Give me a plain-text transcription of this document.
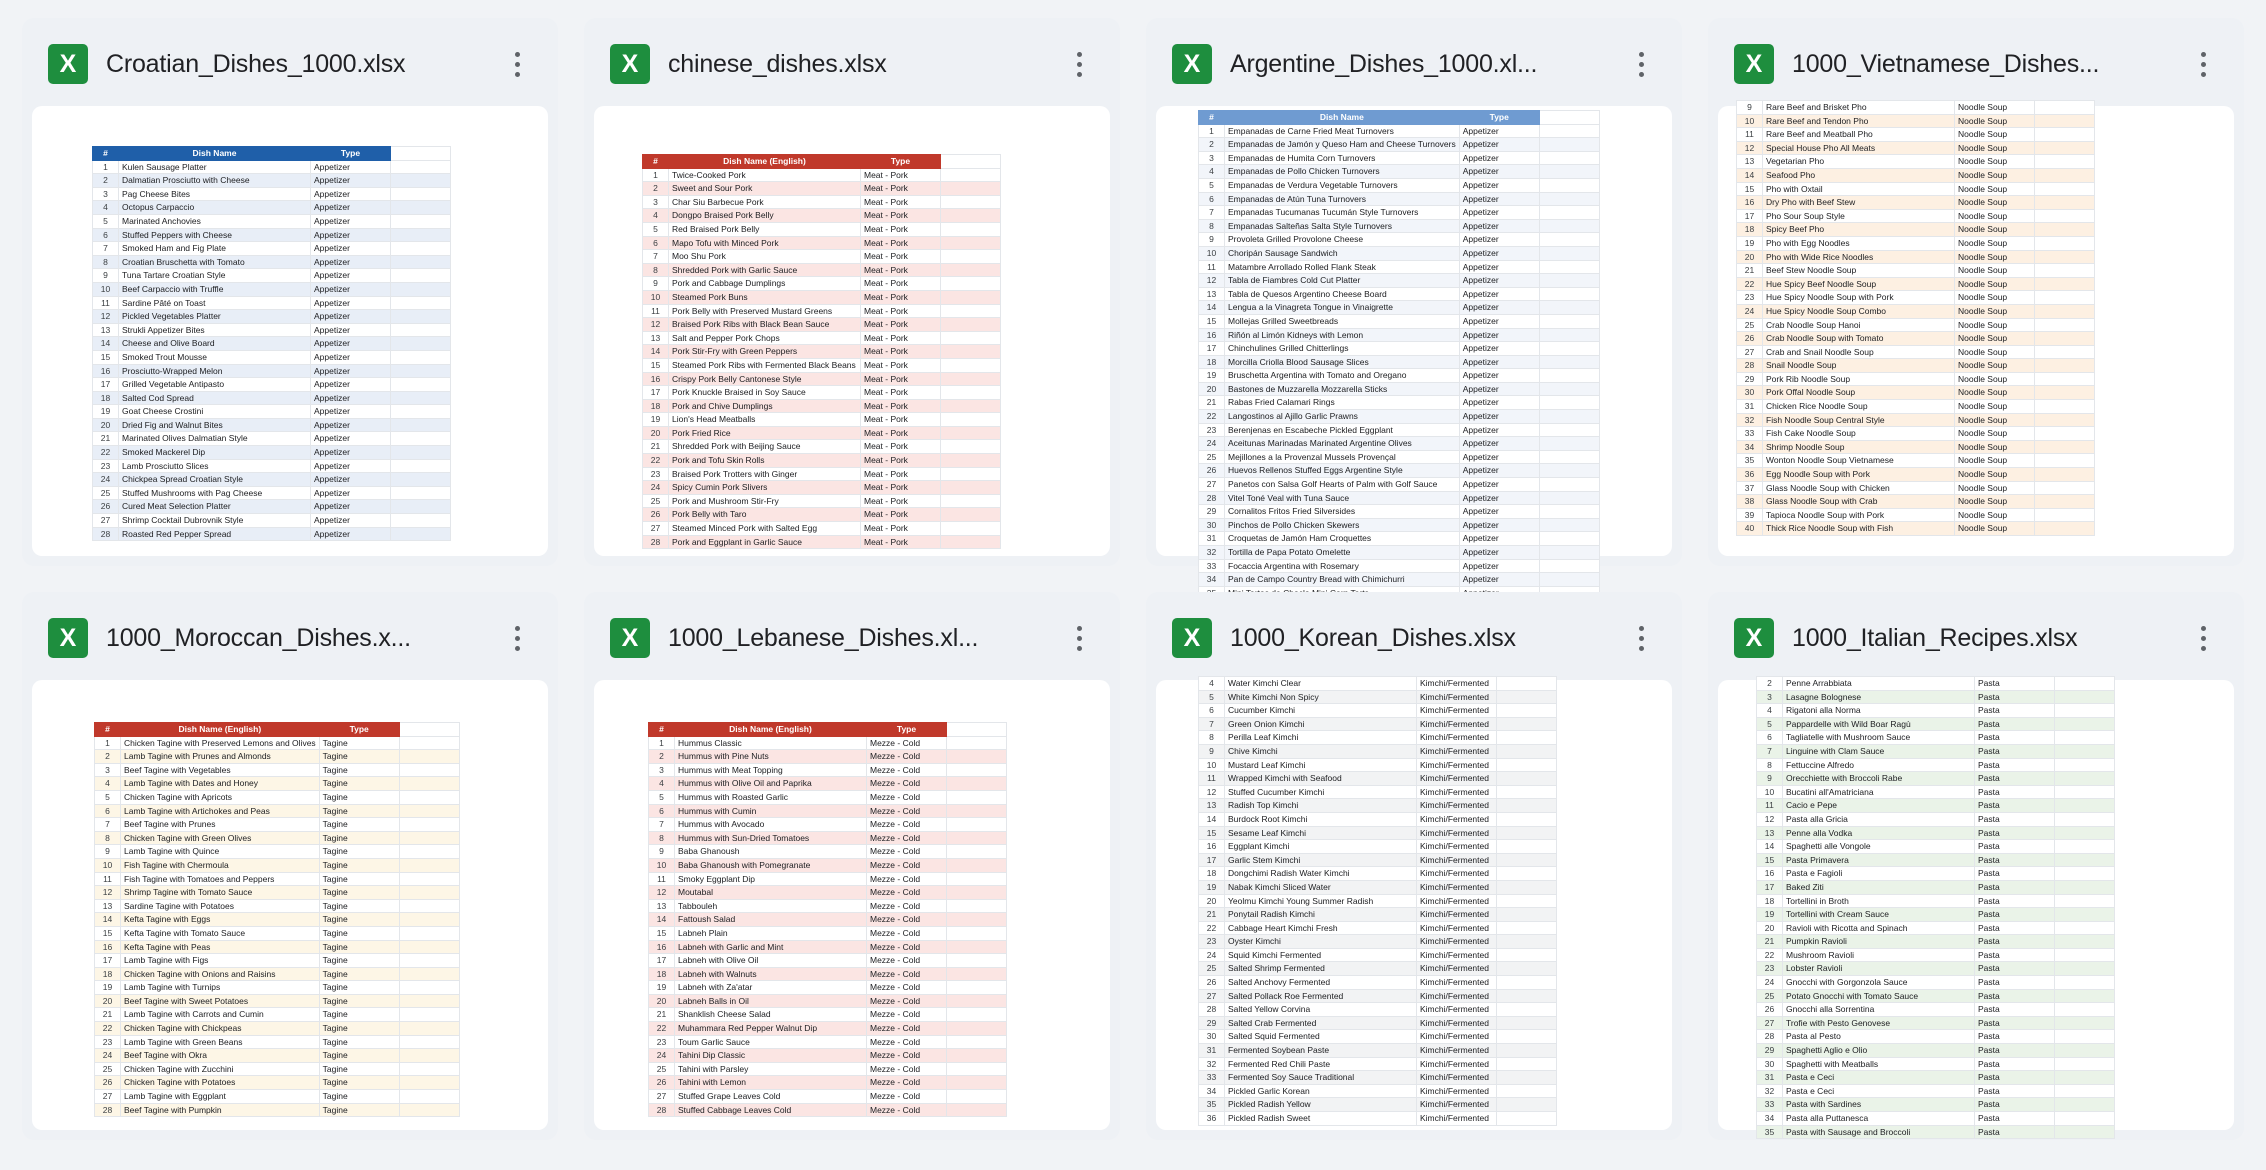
X	Croatian_Dishes_1000.xlsx
#	Dish Name	Type	
1	Kulen Sausage Platter	Appetizer	
2	Dalmatian Prosciutto with Cheese	Appetizer	
3	Pag Cheese Bites	Appetizer	
4	Octopus Carpaccio	Appetizer	
5	Marinated Anchovies	Appetizer	
6	Stuffed Peppers with Cheese	Appetizer	
7	Smoked Ham and Fig Plate	Appetizer	
8	Croatian Bruschetta with Tomato	Appetizer	
9	Tuna Tartare Croatian Style	Appetizer	
10	Beef Carpaccio with Truffle	Appetizer	
11	Sardine Pâté on Toast	Appetizer	
12	Pickled Vegetables Platter	Appetizer	
13	Strukli Appetizer Bites	Appetizer	
14	Cheese and Olive Board	Appetizer	
15	Smoked Trout Mousse	Appetizer	
16	Prosciutto-Wrapped Melon	Appetizer	
17	Grilled Vegetable Antipasto	Appetizer	
18	Salted Cod Spread	Appetizer	
19	Goat Cheese Crostini	Appetizer	
20	Dried Fig and Walnut Bites	Appetizer	
21	Marinated Olives Dalmatian Style	Appetizer	
22	Smoked Mackerel Dip	Appetizer	
23	Lamb Prosciutto Slices	Appetizer	
24	Chickpea Spread Croatian Style	Appetizer	
25	Stuffed Mushrooms with Pag Cheese	Appetizer	
26	Cured Meat Selection Platter	Appetizer	
27	Shrimp Cocktail Dubrovnik Style	Appetizer	
28	Roasted Red Pepper Spread	Appetizer	
X	chinese_dishes.xlsx
#	Dish Name (English)	Type	
1	Twice-Cooked Pork	Meat - Pork	
2	Sweet and Sour Pork	Meat - Pork	
3	Char Siu Barbecue Pork	Meat - Pork	
4	Dongpo Braised Pork Belly	Meat - Pork	
5	Red Braised Pork Belly	Meat - Pork	
6	Mapo Tofu with Minced Pork	Meat - Pork	
7	Moo Shu Pork	Meat - Pork	
8	Shredded Pork with Garlic Sauce	Meat - Pork	
9	Pork and Cabbage Dumplings	Meat - Pork	
10	Steamed Pork Buns	Meat - Pork	
11	Pork Belly with Preserved Mustard Greens	Meat - Pork	
12	Braised Pork Ribs with Black Bean Sauce	Meat - Pork	
13	Salt and Pepper Pork Chops	Meat - Pork	
14	Pork Stir-Fry with Green Peppers	Meat - Pork	
15	Steamed Pork Ribs with Fermented Black Beans	Meat - Pork	
16	Crispy Pork Belly Cantonese Style	Meat - Pork	
17	Pork Knuckle Braised in Soy Sauce	Meat - Pork	
18	Pork and Chive Dumplings	Meat - Pork	
19	Lion's Head Meatballs	Meat - Pork	
20	Pork Fried Rice	Meat - Pork	
21	Shredded Pork with Beijing Sauce	Meat - Pork	
22	Pork and Tofu Skin Rolls	Meat - Pork	
23	Braised Pork Trotters with Ginger	Meat - Pork	
24	Spicy Cumin Pork Slivers	Meat - Pork	
25	Pork and Mushroom Stir-Fry	Meat - Pork	
26	Pork Belly with Taro	Meat - Pork	
27	Steamed Minced Pork with Salted Egg	Meat - Pork	
28	Pork and Eggplant in Garlic Sauce	Meat - Pork	
X	Argentine_Dishes_1000.xl...
#	Dish Name	Type	
1	Empanadas de Carne Fried Meat Turnovers	Appetizer	
2	Empanadas de Jamón y Queso Ham and Cheese Turnovers	Appetizer	
3	Empanadas de Humita Corn Turnovers	Appetizer	
4	Empanadas de Pollo Chicken Turnovers	Appetizer	
5	Empanadas de Verdura Vegetable Turnovers	Appetizer	
6	Empanadas de Atún Tuna Turnovers	Appetizer	
7	Empanadas Tucumanas Tucumán Style Turnovers	Appetizer	
8	Empanadas Salteñas Salta Style Turnovers	Appetizer	
9	Provoleta Grilled Provolone Cheese	Appetizer	
10	Choripán Sausage Sandwich	Appetizer	
11	Matambre Arrollado Rolled Flank Steak	Appetizer	
12	Tabla de Fiambres Cold Cut Platter	Appetizer	
13	Tabla de Quesos Argentino Cheese Board	Appetizer	
14	Lengua a la Vinagreta Tongue in Vinaigrette	Appetizer	
15	Mollejas Grilled Sweetbreads	Appetizer	
16	Riñón al Limón Kidneys with Lemon	Appetizer	
17	Chinchulines Grilled Chitterlings	Appetizer	
18	Morcilla Criolla Blood Sausage Slices	Appetizer	
19	Bruschetta Argentina with Tomato and Oregano	Appetizer	
20	Bastones de Muzzarella Mozzarella Sticks	Appetizer	
21	Rabas Fried Calamari Rings	Appetizer	
22	Langostinos al Ajillo Garlic Prawns	Appetizer	
23	Berenjenas en Escabeche Pickled Eggplant	Appetizer	
24	Aceitunas Marinadas Marinated Argentine Olives	Appetizer	
25	Mejillones a la Provenzal Mussels Provençal	Appetizer	
26	Huevos Rellenos Stuffed Eggs Argentine Style	Appetizer	
27	Panetos con Salsa Golf Hearts of Palm with Golf Sauce	Appetizer	
28	Vitel Toné Veal with Tuna Sauce	Appetizer	
29	Cornalitos Fritos Fried Silversides	Appetizer	
30	Pinchos de Pollo Chicken Skewers	Appetizer	
31	Croquetas de Jamón Ham Croquettes	Appetizer	
32	Tortilla de Papa Potato Omelette	Appetizer	
33	Focaccia Argentina with Rosemary	Appetizer	
34	Pan de Campo Country Bread with Chimichurri	Appetizer	

X	1000_Vietnamese_Dishes...
9	Rare Beef and Brisket Pho	Noodle Soup	
10	Rare Beef and Tendon Pho	Noodle Soup	
11	Rare Beef and Meatball Pho	Noodle Soup	
12	Special House Pho All Meats	Noodle Soup	
13	Vegetarian Pho	Noodle Soup	
14	Seafood Pho	Noodle Soup	
15	Pho with Oxtail	Noodle Soup	
16	Dry Pho with Beef Stew	Noodle Soup	
17	Pho Sour Soup Style	Noodle Soup	
18	Spicy Beef Pho	Noodle Soup	
19	Pho with Egg Noodles	Noodle Soup	
20	Pho with Wide Rice Noodles	Noodle Soup	
21	Beef Stew Noodle Soup	Noodle Soup	
22	Hue Spicy Beef Noodle Soup	Noodle Soup	
23	Hue Spicy Noodle Soup with Pork	Noodle Soup	
24	Hue Spicy Noodle Soup Combo	Noodle Soup	
25	Crab Noodle Soup Hanoi	Noodle Soup	
26	Crab Noodle Soup with Tomato	Noodle Soup	
27	Crab and Snail Noodle Soup	Noodle Soup	
28	Snail Noodle Soup	Noodle Soup	
29	Pork Rib Noodle Soup	Noodle Soup	
30	Pork Offal Noodle Soup	Noodle Soup	
31	Chicken Rice Noodle Soup	Noodle Soup	
32	Fish Noodle Soup Central Style	Noodle Soup	
33	Fish Cake Noodle Soup	Noodle Soup	
34	Shrimp Noodle Soup	Noodle Soup	
35	Wonton Noodle Soup Vietnamese	Noodle Soup	
36	Egg Noodle Soup with Pork	Noodle Soup	
37	Glass Noodle Soup with Chicken	Noodle Soup	
38	Glass Noodle Soup with Crab	Noodle Soup	
39	Tapioca Noodle Soup with Pork	Noodle Soup	
40	Thick Rice Noodle Soup with Fish	Noodle Soup	
X	1000_Moroccan_Dishes.x...
#	Dish Name (English)	Type	
1	Chicken Tagine with Preserved Lemons and Olives	Tagine	
2	Lamb Tagine with Prunes and Almonds	Tagine	
3	Beef Tagine with Vegetables	Tagine	
4	Lamb Tagine with Dates and Honey	Tagine	
5	Chicken Tagine with Apricots	Tagine	
6	Lamb Tagine with Artichokes and Peas	Tagine	
7	Beef Tagine with Prunes	Tagine	
8	Chicken Tagine with Green Olives	Tagine	
9	Lamb Tagine with Quince	Tagine	
10	Fish Tagine with Chermoula	Tagine	
11	Fish Tagine with Tomatoes and Peppers	Tagine	
12	Shrimp Tagine with Tomato Sauce	Tagine	
13	Sardine Tagine with Potatoes	Tagine	
14	Kefta Tagine with Eggs	Tagine	
15	Kefta Tagine with Tomato Sauce	Tagine	
16	Kefta Tagine with Peas	Tagine	
17	Lamb Tagine with Figs	Tagine	
18	Chicken Tagine with Onions and Raisins	Tagine	
19	Lamb Tagine with Turnips	Tagine	
20	Beef Tagine with Sweet Potatoes	Tagine	
21	Lamb Tagine with Carrots and Cumin	Tagine	
22	Chicken Tagine with Chickpeas	Tagine	
23	Lamb Tagine with Green Beans	Tagine	
24	Beef Tagine with Okra	Tagine	
25	Chicken Tagine with Zucchini	Tagine	
26	Chicken Tagine with Potatoes	Tagine	
27	Lamb Tagine with Eggplant	Tagine	
28	Beef Tagine with Pumpkin	Tagine	
X	1000_Lebanese_Dishes.xl...
#	Dish Name (English)	Type	
1	Hummus Classic	Mezze - Cold	
2	Hummus with Pine Nuts	Mezze - Cold	
3	Hummus with Meat Topping	Mezze - Cold	
4	Hummus with Olive Oil and Paprika	Mezze - Cold	
5	Hummus with Roasted Garlic	Mezze - Cold	
6	Hummus with Cumin	Mezze - Cold	
7	Hummus with Avocado	Mezze - Cold	
8	Hummus with Sun-Dried Tomatoes	Mezze - Cold	
9	Baba Ghanoush	Mezze - Cold	
10	Baba Ghanoush with Pomegranate	Mezze - Cold	
11	Smoky Eggplant Dip	Mezze - Cold	
12	Moutabal	Mezze - Cold	
13	Tabbouleh	Mezze - Cold	
14	Fattoush Salad	Mezze - Cold	
15	Labneh Plain	Mezze - Cold	
16	Labneh with Garlic and Mint	Mezze - Cold	
17	Labneh with Olive Oil	Mezze - Cold	
18	Labneh with Walnuts	Mezze - Cold	
19	Labneh with Za'atar	Mezze - Cold	
20	Labneh Balls in Oil	Mezze - Cold	
21	Shanklish Cheese Salad	Mezze - Cold	
22	Muhammara Red Pepper Walnut Dip	Mezze - Cold	
23	Toum Garlic Sauce	Mezze - Cold	
24	Tahini Dip Classic	Mezze - Cold	
25	Tahini with Parsley	Mezze - Cold	
26	Tahini with Lemon	Mezze - Cold	
27	Stuffed Grape Leaves Cold	Mezze - Cold	
28	Stuffed Cabbage Leaves Cold	Mezze - Cold	
X	1000_Korean_Dishes.xlsx
4	Water Kimchi Clear	Kimchi/Fermented	
5	White Kimchi Non Spicy	Kimchi/Fermented	
6	Cucumber Kimchi	Kimchi/Fermented	
7	Green Onion Kimchi	Kimchi/Fermented	
8	Perilla Leaf Kimchi	Kimchi/Fermented	
9	Chive Kimchi	Kimchi/Fermented	
10	Mustard Leaf Kimchi	Kimchi/Fermented	
11	Wrapped Kimchi with Seafood	Kimchi/Fermented	
12	Stuffed Cucumber Kimchi	Kimchi/Fermented	
13	Radish Top Kimchi	Kimchi/Fermented	
14	Burdock Root Kimchi	Kimchi/Fermented	
15	Sesame Leaf Kimchi	Kimchi/Fermented	
16	Eggplant Kimchi	Kimchi/Fermented	
17	Garlic Stem Kimchi	Kimchi/Fermented	
18	Dongchimi Radish Water Kimchi	Kimchi/Fermented	
19	Nabak Kimchi Sliced Water	Kimchi/Fermented	
20	Yeolmu Kimchi Young Summer Radish	Kimchi/Fermented	
21	Ponytail Radish Kimchi	Kimchi/Fermented	
22	Cabbage Heart Kimchi Fresh	Kimchi/Fermented	
23	Oyster Kimchi	Kimchi/Fermented	
24	Squid Kimchi Fermented	Kimchi/Fermented	
25	Salted Shrimp Fermented	Kimchi/Fermented	
26	Salted Anchovy Fermented	Kimchi/Fermented	
27	Salted Pollack Roe Fermented	Kimchi/Fermented	
28	Salted Yellow Corvina	Kimchi/Fermented	
29	Salted Crab Fermented	Kimchi/Fermented	
30	Salted Squid Fermented	Kimchi/Fermented	
31	Fermented Soybean Paste	Kimchi/Fermented	
32	Fermented Red Chili Paste	Kimchi/Fermented	
33	Fermented Soy Sauce Traditional	Kimchi/Fermented	
34	Pickled Garlic Korean	Kimchi/Fermented	
35	Pickled Radish Yellow	Kimchi/Fermented	
36	Pickled Radish Sweet	Kimchi/Fermented	
X	1000_Italian_Recipes.xlsx
2	Penne Arrabbiata	Pasta	
3	Lasagne Bolognese	Pasta	
4	Rigatoni alla Norma	Pasta	
5	Pappardelle with Wild Boar Ragù	Pasta	
6	Tagliatelle with Mushroom Sauce	Pasta	
7	Linguine with Clam Sauce	Pasta	
8	Fettuccine Alfredo	Pasta	
9	Orecchiette with Broccoli Rabe	Pasta	
10	Bucatini all'Amatriciana	Pasta	
11	Cacio e Pepe	Pasta	
12	Pasta alla Gricia	Pasta	
13	Penne alla Vodka	Pasta	
14	Spaghetti alle Vongole	Pasta	
15	Pasta Primavera	Pasta	
16	Pasta e Fagioli	Pasta	
17	Baked Ziti	Pasta	
18	Tortellini in Broth	Pasta	
19	Tortellini with Cream Sauce	Pasta	
20	Ravioli with Ricotta and Spinach	Pasta	
21	Pumpkin Ravioli	Pasta	
22	Mushroom Ravioli	Pasta	
23	Lobster Ravioli	Pasta	
24	Gnocchi with Gorgonzola Sauce	Pasta	
25	Potato Gnocchi with Tomato Sauce	Pasta	
26	Gnocchi alla Sorrentina	Pasta	
27	Trofie with Pesto Genovese	Pasta	
28	Pasta al Pesto	Pasta	
29	Spaghetti Aglio e Olio	Pasta	
30	Spaghetti with Meatballs	Pasta	
31	Pasta e Ceci	Pasta	
32	Pasta e Ceci	Pasta	
33	Pasta with Sardines	Pasta	
34	Pasta alla Puttanesca	Pasta	
35	Pasta with Sausage and Broccoli	Pasta	
